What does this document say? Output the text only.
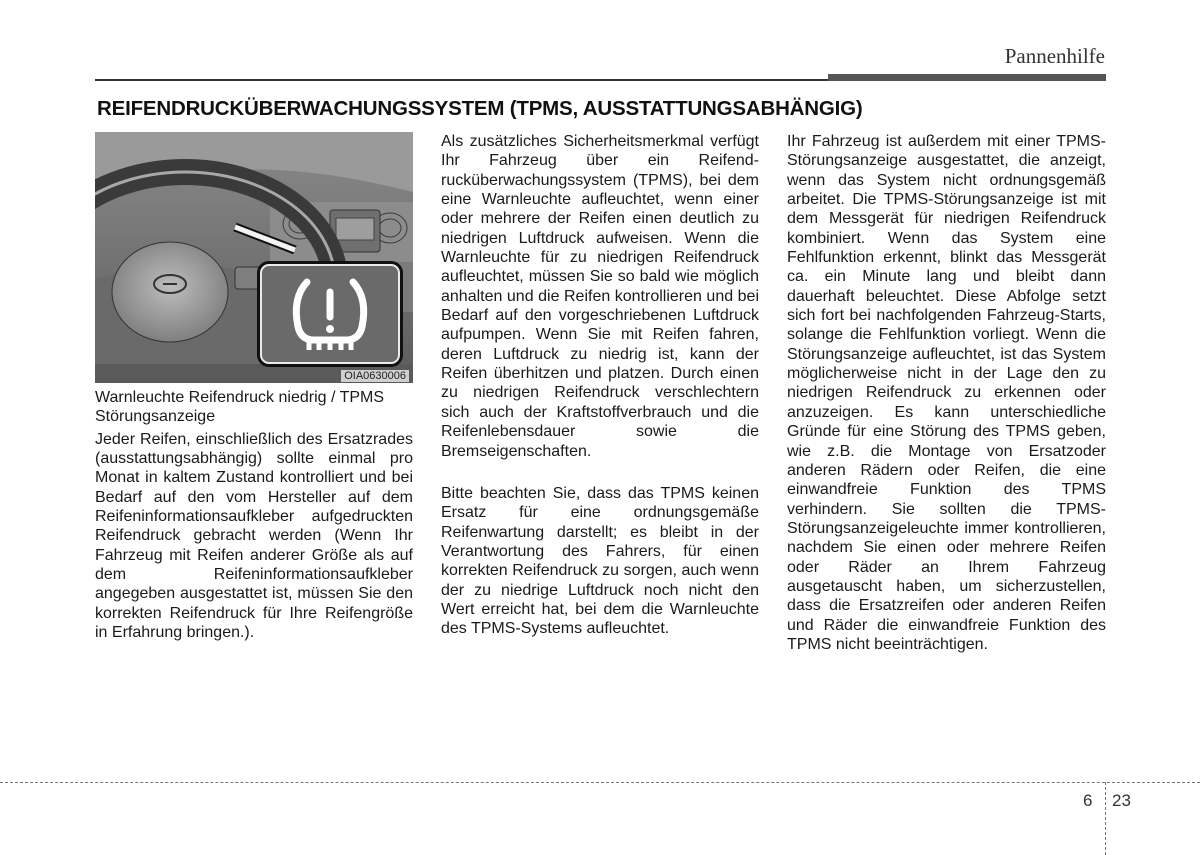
Pannenhilfe
REIFENDRUCKÜBERWACHUNGSSYSTEM (TPMS, AUSSTATTUNGSABHÄNGIG)
OIA0630006

Warnleuchte Reifendruck niedrig / TPMS Störungsanzeige

Jeder Reifen, einschließlich des Ersatzrades (ausstattungsabhängig) sollte einmal pro Monat in kaltem Zustand kontrolliert und bei Bedarf auf den vom Hersteller auf dem Reifeninformationsaufkleber aufgedruckten Reifendruck gebracht werden (Wenn Ihr Fahrzeug mit Reifen anderer Größe als auf dem Reifeninformationsaufkleber angegeben ausgestattet ist, müssen Sie den korrekten Reifendruck für Ihre Reifengröße in Erfahrung bringen.).

Als zusätzliches Sicherheitsmerkmal verfügt Ihr Fahrzeug über ein Reifend-rucküberwachungssystem (TPMS), bei dem eine Warnleuchte aufleuchtet, wenn einer oder mehrere der Reifen einen deutlich zu niedrigen Luftdruck aufweisen. Wenn die Warnleuchte für zu niedrigen Reifendruck aufleuchtet, müssen Sie so bald wie möglich anhalten und die Reifen kontrollieren und bei Bedarf auf den vorgeschriebenen Luftdruck aufpumpen. Wenn Sie mit Reifen fahren, deren Luftdruck zu niedrig ist, kann der Reifen überhitzen und platzen. Durch einen zu niedrigen Reifendruck verschlechtern sich auch der Kraftstoffverbrauch und die Reifenlebensdauer sowie die Bremseigenschaften.

Bitte beachten Sie, dass das TPMS keinen Ersatz für eine ordnungsgemäße Reifenwartung darstellt; es bleibt in der Verantwortung des Fahrers, für einen korrekten Reifendruck zu sorgen, auch wenn der zu niedrige Luftdruck noch nicht den Wert erreicht hat, bei dem die Warnleuchte des TPMS-Systems aufleuchtet.

Ihr Fahrzeug ist außerdem mit einer TPMS-Störungsanzeige ausgestattet, die anzeigt, wenn das System nicht ordnungsgemäß arbeitet. Die TPMS-Störungsanzeige ist mit dem Messgerät für niedrigen Reifendruck kombiniert. Wenn das System eine Fehlfunktion erkennt, blinkt das Messgerät ca. ein Minute lang und bleibt dann dauerhaft beleuchtet. Diese Abfolge setzt sich fort bei nachfolgenden Fahrzeug-Starts, solange die Fehlfunktion vorliegt. Wenn die Störungsanzeige aufleuchtet, ist das System möglicherweise nicht in der Lage den zu niedrigen Reifendruck zu erkennen oder anzuzeigen. Es kann unterschiedliche Gründe für eine Störung des TPMS geben, wie z.B. die Montage von Ersatzoder anderen Rädern oder Reifen, die eine einwandfreie Funktion des TPMS verhindern. Sie sollten die TPMS-Störungsanzeigeleuchte immer kontrollieren, nachdem Sie einen oder mehrere Reifen oder Räder an Ihrem Fahrzeug ausgetauscht haben, um sicherzustellen, dass die Ersatzreifen oder anderen Reifen und Räder die einwandfreie Funktion des TPMS nicht beeinträchtigen.

6 23
